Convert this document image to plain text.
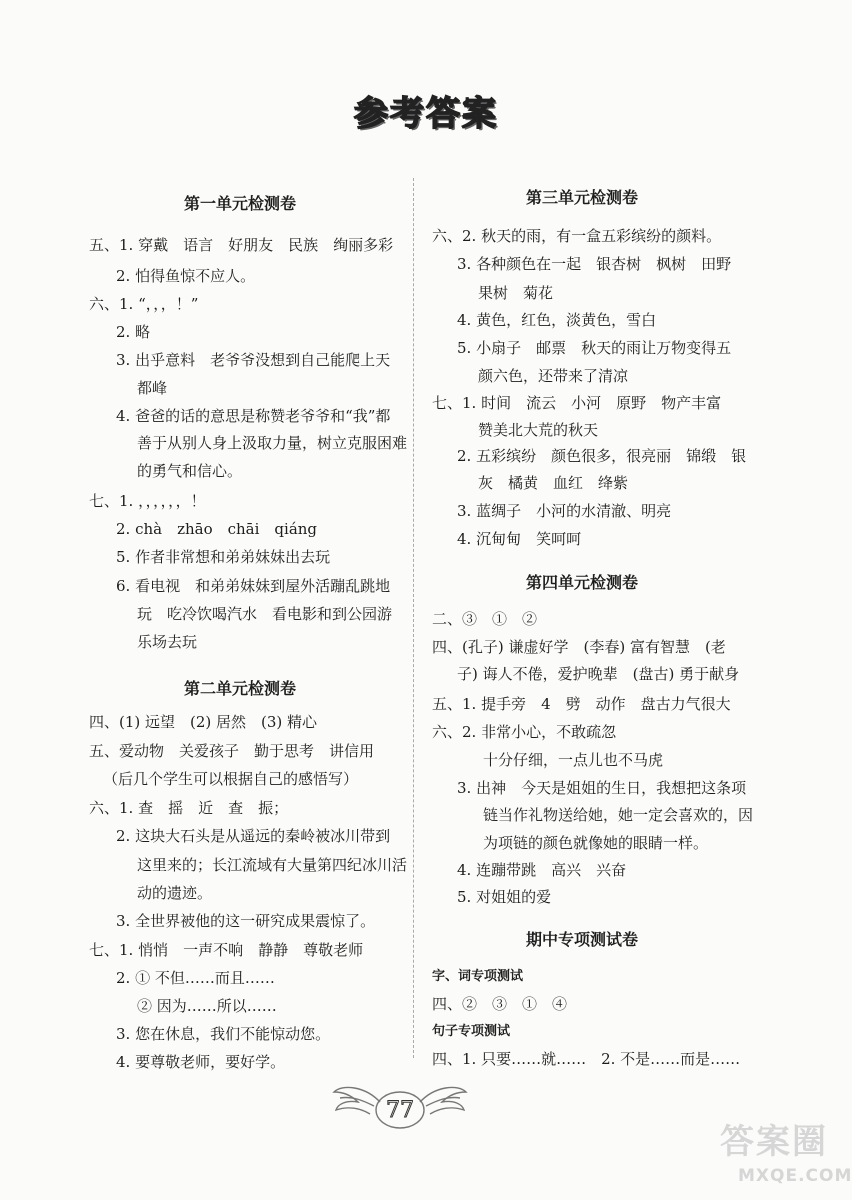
参考答案
第一单元检测卷
五、1. 穿戴　语言　好朋友　民族　绚丽多彩
2. 怕得鱼惊不应人。
六、1. “，，，！”
2. 略
3. 出乎意料　老爷爷没想到自己能爬上天
都峰
4. 爸爸的话的意思是称赞老爷爷和“我”都
善于从别人身上汲取力量，树立克服困难
的勇气和信心。
七、1. ，，，，，，！
2. chà　zhāo　chāi　qiáng
5. 作者非常想和弟弟妹妹出去玩
6. 看电视　和弟弟妹妹到屋外活蹦乱跳地
玩　吃冷饮喝汽水　看电影和到公园游
乐场去玩
第二单元检测卷
四、(1) 远望　(2) 居然　(3) 精心
五、爱动物　关爱孩子　勤于思考　讲信用
（后几个学生可以根据自己的感悟写）
六、1. 查　摇　近　查　振；
2. 这块大石头是从遥远的秦岭被冰川带到
这里来的；长江流域有大量第四纪冰川活
动的遗迹。
3. 全世界被他的这一研究成果震惊了。
七、1. 悄悄　一声不响　静静　尊敬老师
2. ① 不但……而且……
② 因为……所以……
3. 您在休息，我们不能惊动您。
4. 要尊敬老师，要好学。
第三单元检测卷
六、2. 秋天的雨，有一盒五彩缤纷的颜料。
3. 各种颜色在一起　银杏树　枫树　田野
果树　菊花
4. 黄色，红色，淡黄色，雪白
5. 小扇子　邮票　秋天的雨让万物变得五
颜六色，还带来了清凉
七、1. 时间　流云　小河　原野　物产丰富
赞美北大荒的秋天
2. 五彩缤纷　颜色很多，很亮丽　锦缎　银
灰　橘黄　血红　绛紫
3. 蓝绸子　小河的水清澈、明亮
4. 沉甸甸　笑呵呵
第四单元检测卷
二、③　①　②
四、(孔子) 谦虚好学　(李春) 富有智慧　(老
子) 诲人不倦，爱护晚辈　(盘古) 勇于献身
五、1. 提手旁　4　劈　动作　盘古力气很大
六、2. 非常小心，不敢疏忽
十分仔细，一点儿也不马虎
3. 出神　今天是姐姐的生日，我想把这条项
链当作礼物送给她，她一定会喜欢的，因
为项链的颜色就像她的眼睛一样。
4. 连蹦带跳　高兴　兴奋
5. 对姐姐的爱
期中专项测试卷
字、词专项测试
四、②　③　①　④
句子专项测试
四、1. 只要……就……　2. 不是……而是……
77
答案圈
MXQE.COM
